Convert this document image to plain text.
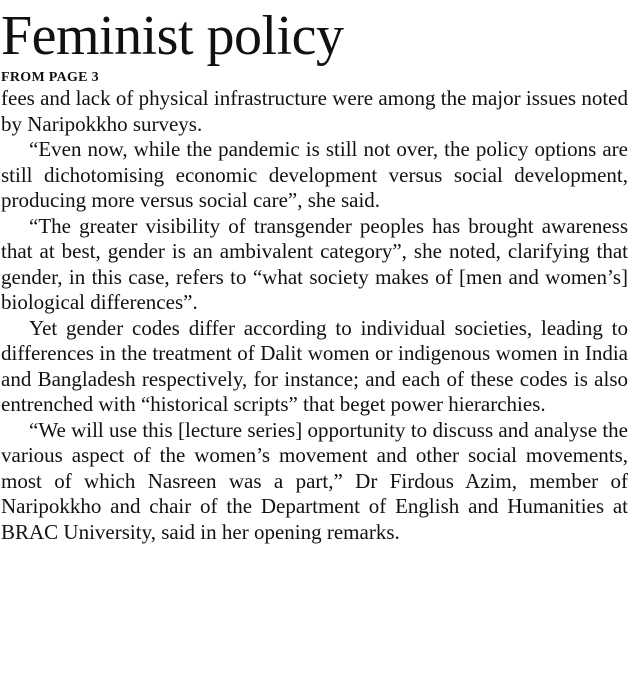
Feminist policy
FROM PAGE 3

fees and lack of physical infrastructure were among the major issues noted by Naripokkho surveys.

“Even now, while the pandemic is still not over, the policy options are still dichotomising economic development versus social development, producing more versus social care”, she said.

“The greater visibility of transgender peoples has brought awareness that at best, gender is an ambivalent category”, she noted, clarifying that gender, in this case, refers to “what society makes of [men and women’s] biological differences”.

Yet gender codes differ according to individual societies, leading to differences in the treatment of Dalit women or indigenous women in India and Bangladesh respectively, for instance; and each of these codes is also entrenched with “historical scripts” that beget power hierarchies.

“We will use this [lecture series] opportunity to discuss and analyse the various aspect of the women’s movement and other social movements, most of which Nasreen was a part,” Dr Firdous Azim, member of Naripokkho and chair of the Department of English and Humanities at BRAC University, said in her opening remarks.
